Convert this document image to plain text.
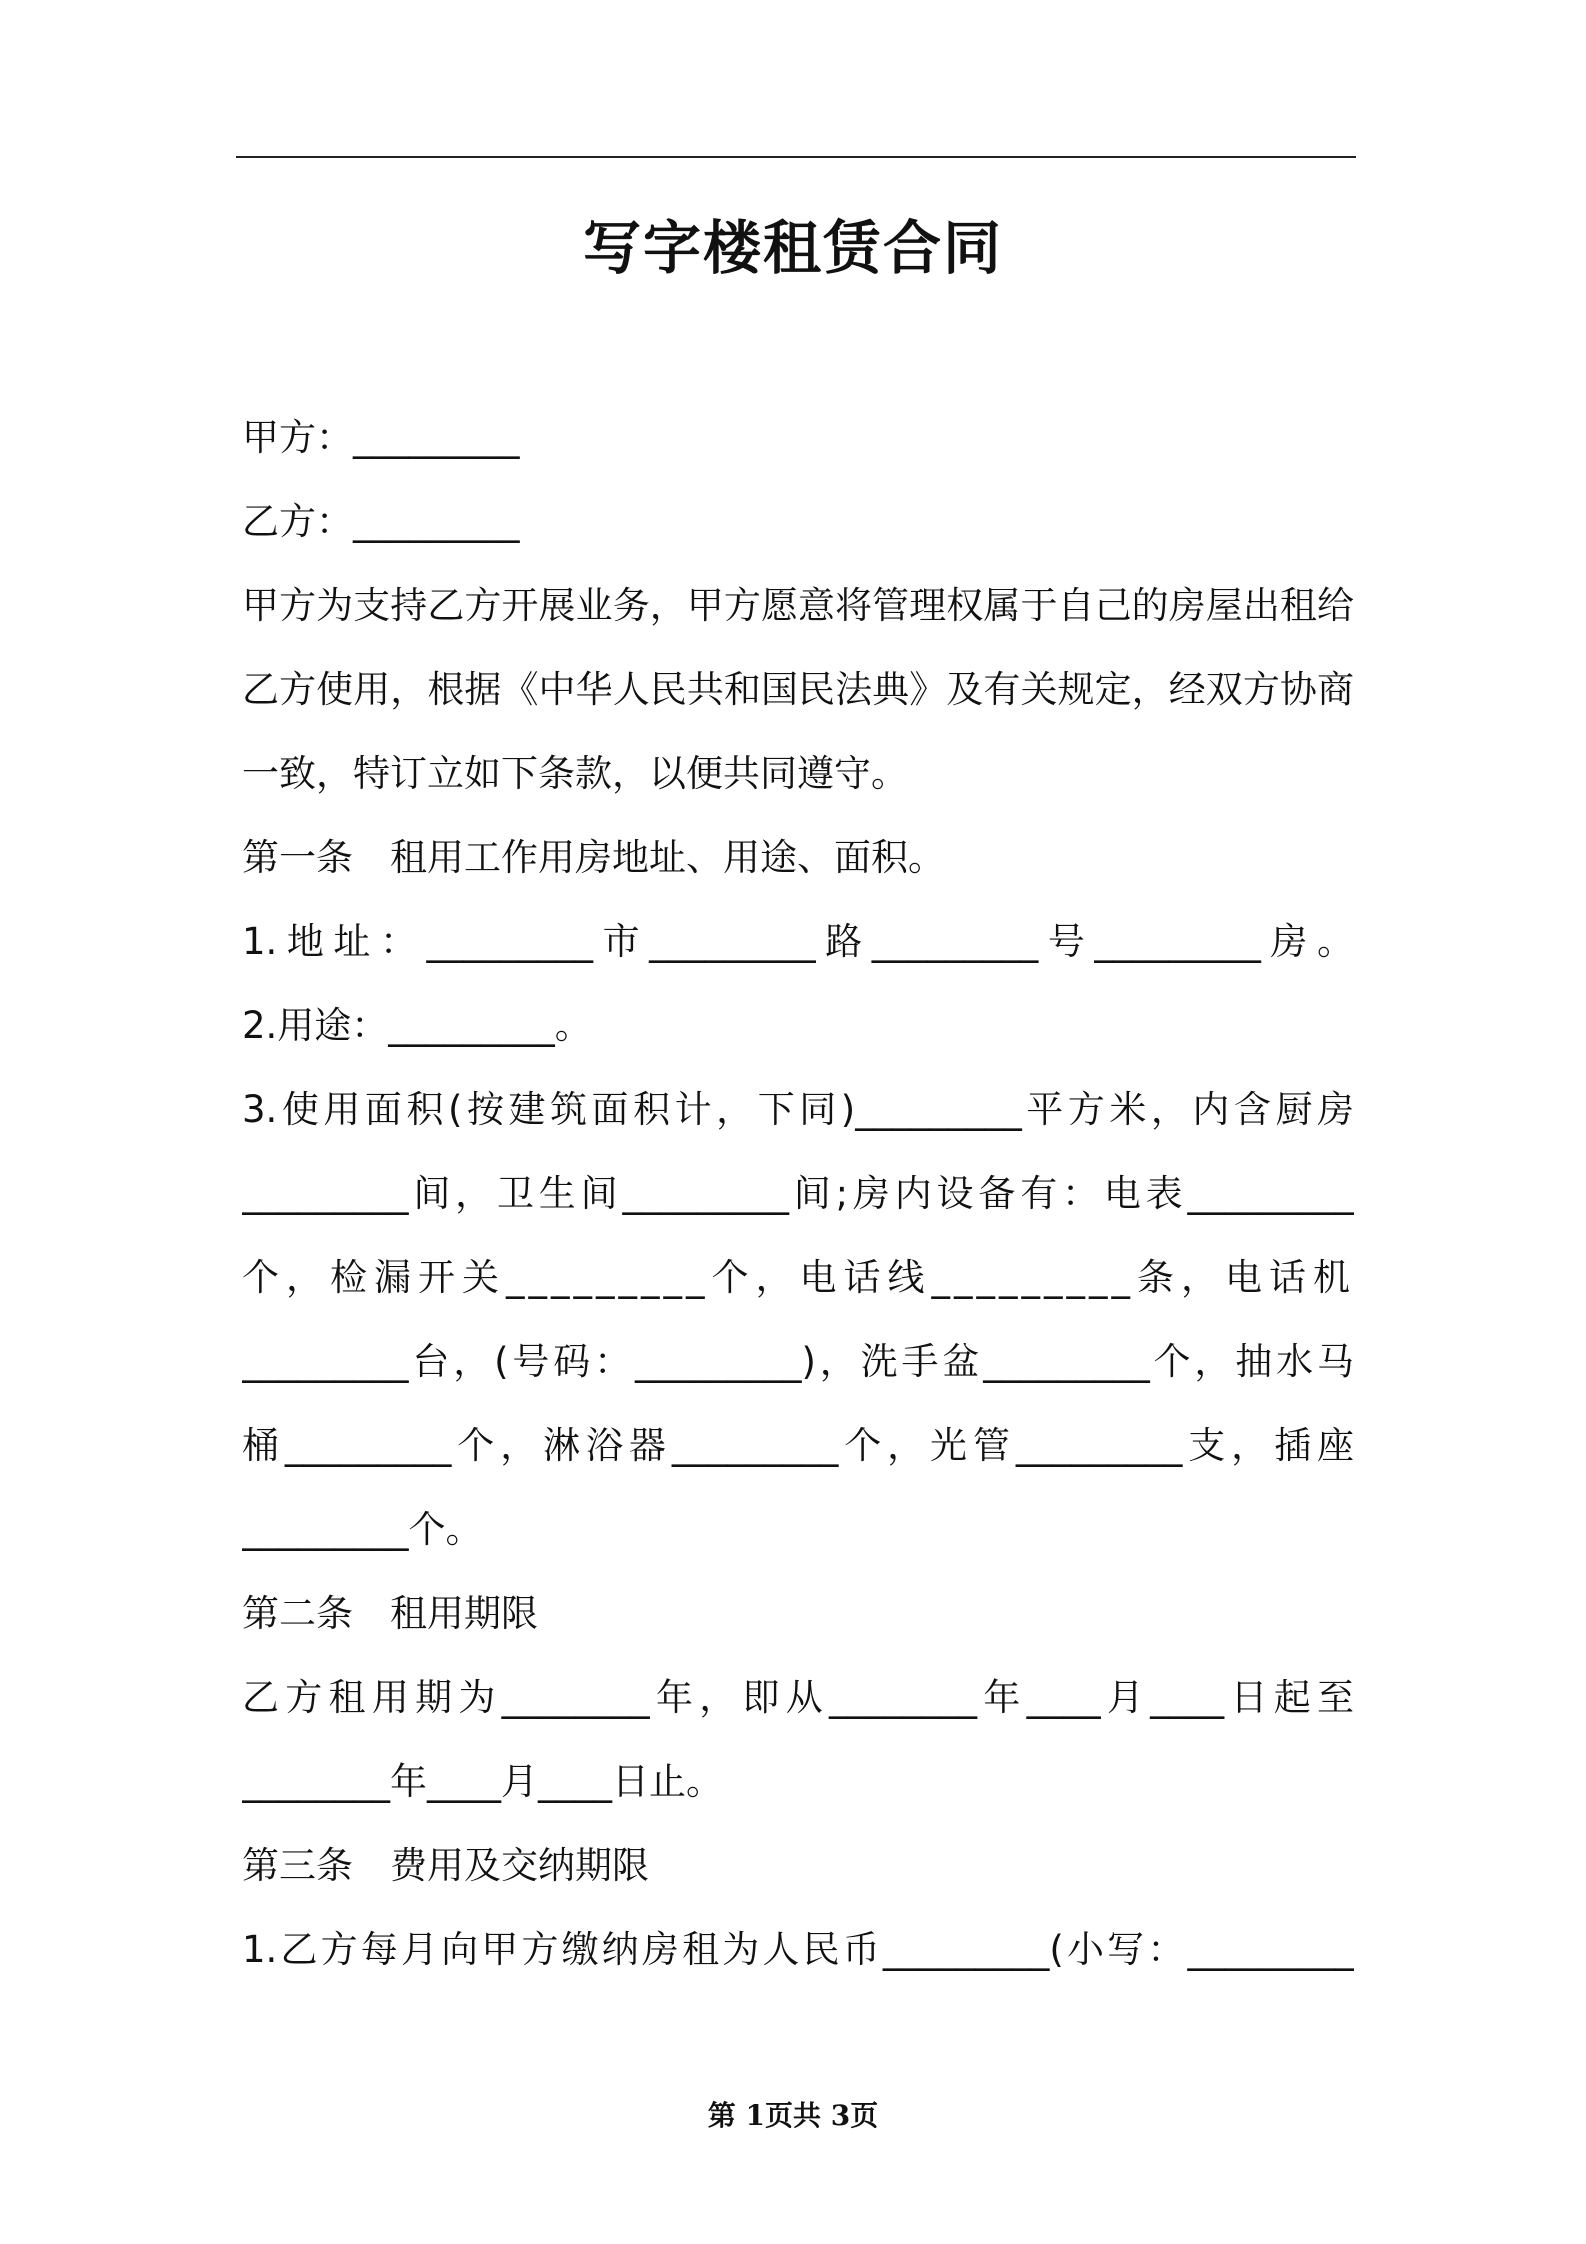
写字楼租赁合同
甲方：_________
乙方：_________
甲方为支持乙方开展业务，甲方愿意将管理权属于自己的房屋出租给
乙方使用，根据《中华人民共和国民法典》及有关规定，经双方协商
一致，特订立如下条款，以便共同遵守。
第一条　租用工作用房地址、用途、面积。
1.地址：_________市_________路_________号_________房。
2.用途：_________。
3.使用面积(按建筑面积计，下同)_________平方米，内含厨房
_________间，卫生间_________间;房内设备有：电表_________
个，检漏开关_________个，电话线_________条，电话机
_________台，(号码：_________)，洗手盆_________个，抽水马
桶_________个，淋浴器_________个，光管_________支，插座
_________个。
第二条　租用期限
乙方租用期为________年，即从________年____月____日起至
________年____月____日止。
第三条　费用及交纳期限
1.乙方每月向甲方缴纳房租为人民币_________(小写：_________
第 1页共 3页
